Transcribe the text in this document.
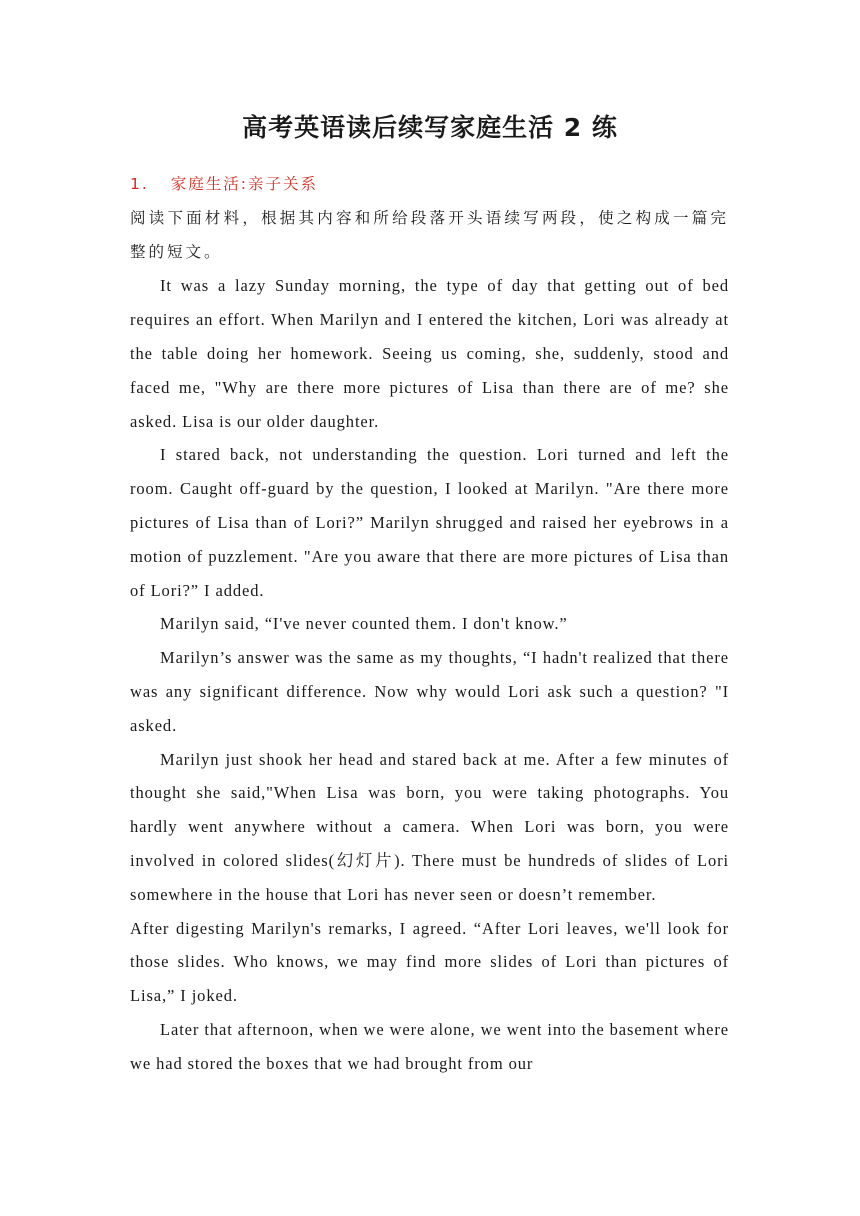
高考英语读后续写家庭生活 2 练
1. 家庭生活:亲子关系

阅读下面材料，根据其内容和所给段落开头语续写两段，使之构成一篇完整的短文。

It was a lazy Sunday morning, the type of day that getting out of bed requires an effort. When Marilyn and I entered the kitchen, Lori was already at the table doing her homework. Seeing us coming, she, suddenly, stood and faced me, "Why are there more pictures of Lisa than there are of me? she asked. Lisa is our older daughter.

I stared back, not understanding the question. Lori turned and left the room. Caught off-guard by the question, I looked at Marilyn. "Are there more pictures of Lisa than of Lori?” Marilyn shrugged and raised her eyebrows in a motion of puzzlement. "Are you aware that there are more pictures of Lisa than of Lori?” I added.

Marilyn said, “I've never counted them. I don't know.”

Marilyn’s answer was the same as my thoughts, “I hadn't realized that there was any significant difference. Now why would Lori ask such a question? "I asked.

Marilyn just shook her head and stared back at me. After a few minutes of thought she said,"When Lisa was born, you were taking photographs. You hardly went anywhere without a camera. When Lori was born, you were involved in colored slides(幻灯片). There must be hundreds of slides of Lori somewhere in the house that Lori has never seen or doesn’t remember.

After digesting Marilyn's remarks, I agreed. “After Lori leaves, we'll look for those slides. Who knows, we may find more slides of Lori than pictures of Lisa,” I joked.

Later that afternoon, when we were alone, we went into the basement where we had stored the boxes that we had brought from our
